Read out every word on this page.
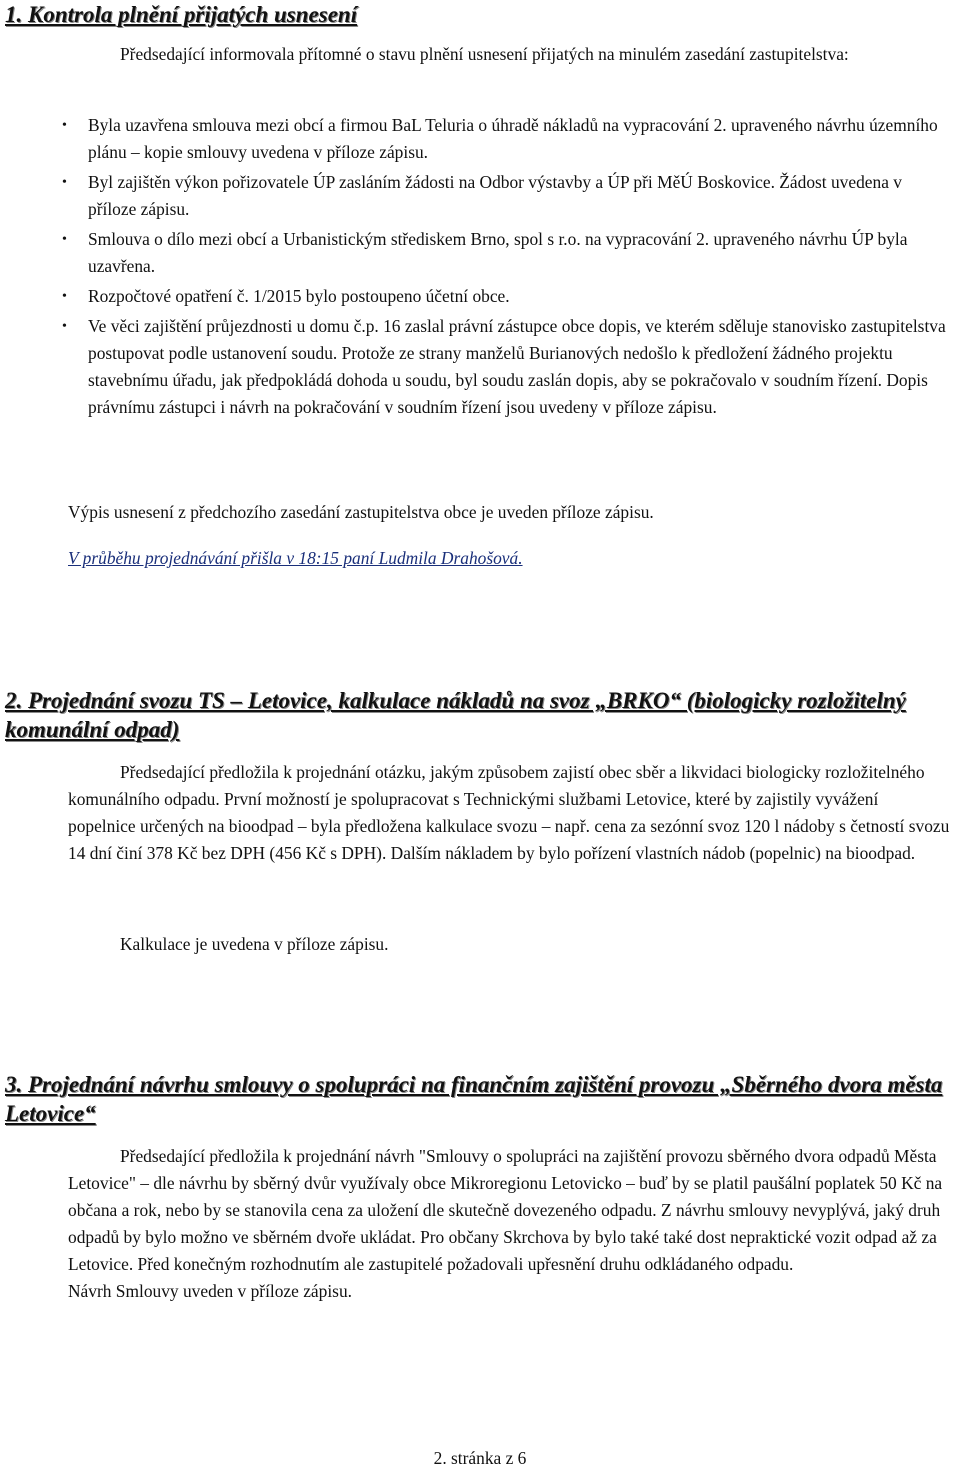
1. Kontrola plnění přijatých usnesení

Předsedající informovala přítomné o stavu plnění usnesení přijatých na minulém zasedání zastupitelstva:

• Byla uzavřena smlouva mezi obcí a firmou BaL Teluria o úhradě nákladů na vypracování 2. upraveného návrhu územního plánu – kopie smlouvy uvedena v příloze zápisu.
• Byl zajištěn výkon pořizovatele ÚP zasláním žádosti na Odbor výstavby a ÚP při MěÚ Boskovice. Žádost uvedena v příloze zápisu.
• Smlouva o dílo mezi obcí a Urbanistickým střediskem Brno, spol s r.o. na vypracování 2. upraveného návrhu ÚP byla uzavřena.
• Rozpočtové opatření č. 1/2015 bylo postoupeno účetní obce.
• Ve věci zajištění průjezdnosti u domu č.p. 16 zaslal právní zástupce obce dopis, ve kterém sděluje stanovisko zastupitelstva postupovat podle ustanovení soudu. Protože ze strany manželů Burianových nedošlo k předložení žádného projektu stavebnímu úřadu, jak předpokládá dohoda u soudu, byl soudu zaslán dopis, aby se pokračovalo v soudním řízení. Dopis právnímu zástupci i návrh na pokračování v soudním řízení jsou uvedeny v příloze zápisu.

Výpis usnesení z předchozího zasedání zastupitelstva obce je uveden příloze zápisu.

V průběhu projednávání přišla v 18:15 paní Ludmila Drahošová.

2. Projednání svozu TS – Letovice, kalkulace nákladů na svoz „BRKO“ (biologicky rozložitelný komunální odpad)

Předsedající předložila k projednání otázku, jakým způsobem zajistí obec sběr a likvidaci biologicky rozložitelného komunálního odpadu. První možností je spolupracovat s Technickými službami Letovice, které by zajistily vyvážení popelnice určených na bioodpad – byla předložena kalkulace svozu – např. cena za sezónní svoz 120 l nádoby s četností svozu 14 dní činí 378 Kč bez DPH (456 Kč s DPH). Dalším nákladem by bylo pořízení vlastních nádob (popelnic) na bioodpad.

Kalkulace je uvedena v příloze zápisu.

3. Projednání návrhu smlouvy o spolupráci na finančním zajištění provozu „Sběrného dvora města Letovice“

Předsedající předložila k projednání návrh "Smlouvy o spolupráci na zajištění provozu sběrného dvora odpadů Města Letovice" – dle návrhu by sběrný dvůr využívaly obce Mikroregionu Letovicko – buď by se platil paušální poplatek 50 Kč na občana a rok, nebo by se stanovila cena za uložení dle skutečně dovezeného odpadu. Z návrhu smlouvy nevyplývá, jaký druh odpadů by bylo možno ve sběrném dvoře ukládat. Pro občany Skrchova by bylo také také dost nepraktické vozit odpad až za Letovice. Před konečným rozhodnutím ale zastupitelé požadovali upřesnění druhu odkládaného odpadu.

Návrh Smlouvy uveden v příloze zápisu.

2. stránka z 6
